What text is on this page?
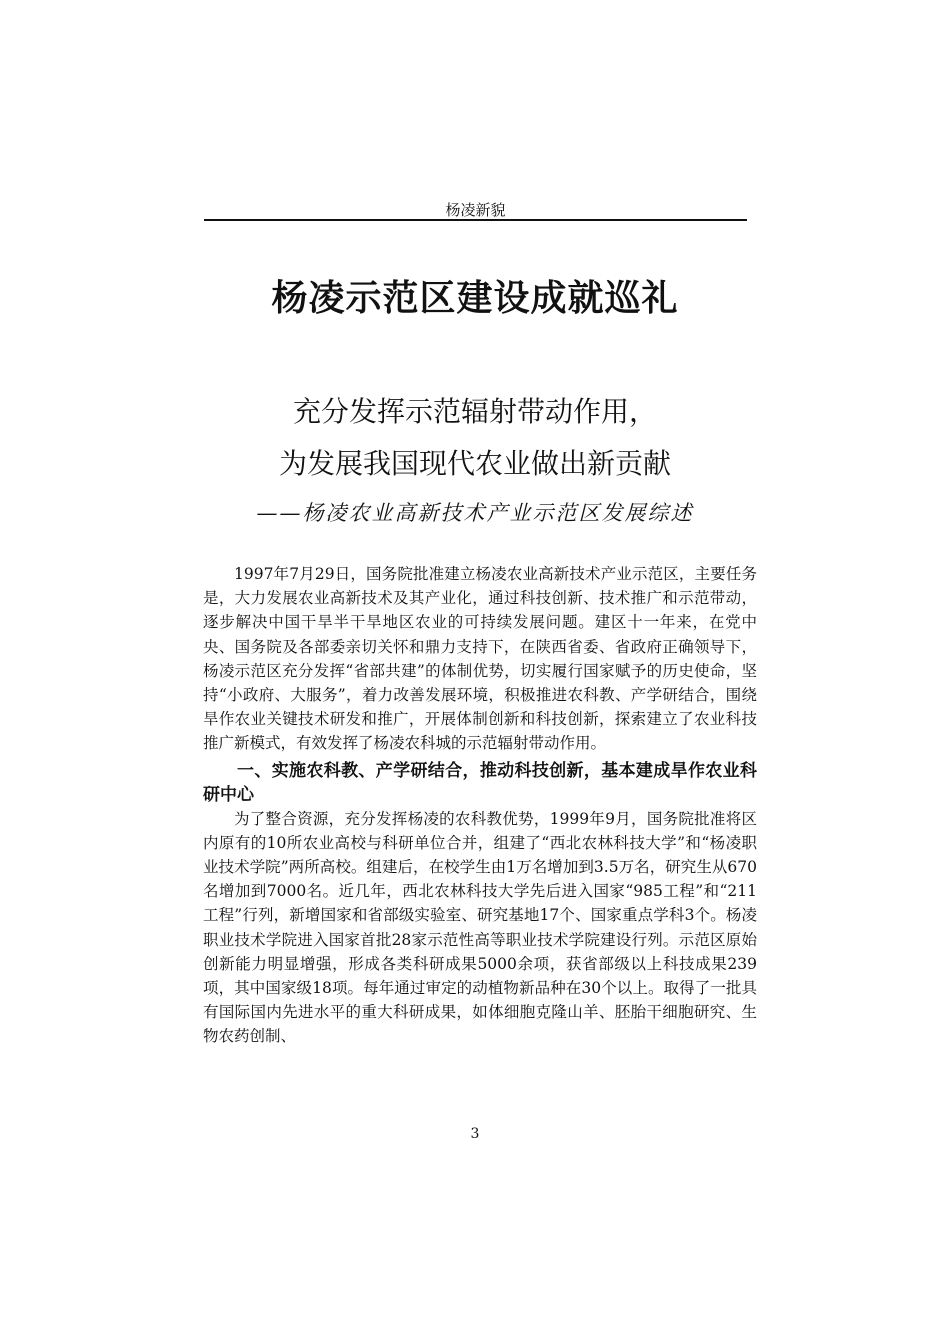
杨凌新貌
杨凌示范区建设成就巡礼
充分发挥示范辐射带动作用，
为发展我国现代农业做出新贡献
——杨凌农业高新技术产业示范区发展综述

1997年7月29日，国务院批准建立杨凌农业高新技术产业示范区，主要任务是，大力发展农业高新技术及其产业化，通过科技创新、技术推广和示范带动，逐步解决中国干旱半干旱地区农业的可持续发展问题。建区十一年来，在党中央、国务院及各部委亲切关怀和鼎力支持下，在陕西省委、省政府正确领导下，杨凌示范区充分发挥“省部共建”的体制优势，切实履行国家赋予的历史使命，坚持“小政府、大服务”，着力改善发展环境，积极推进农科教、产学研结合，围绕旱作农业关键技术研发和推广，开展体制创新和科技创新，探索建立了农业科技推广新模式，有效发挥了杨凌农科城的示范辐射带动作用。

一、实施农科教、产学研结合，推动科技创新，基本建成旱作农业科研中心

为了整合资源，充分发挥杨凌的农科教优势，1999年9月，国务院批准将区内原有的10所农业高校与科研单位合并，组建了“西北农林科技大学”和“杨凌职业技术学院”两所高校。组建后，在校学生由1万名增加到3.5万名，研究生从670名增加到7000名。近几年，西北农林科技大学先后进入国家“985工程”和“211工程”行列，新增国家和省部级实验室、研究基地17个、国家重点学科3个。杨凌职业技术学院进入国家首批28家示范性高等职业技术学院建设行列。示范区原始创新能力明显增强，形成各类科研成果5000余项，获省部级以上科技成果239项，其中国家级18项。每年通过审定的动植物新品种在30个以上。取得了一批具有国际国内先进水平的重大科研成果，如体细胞克隆山羊、胚胎干细胞研究、生物农药创制、

3
